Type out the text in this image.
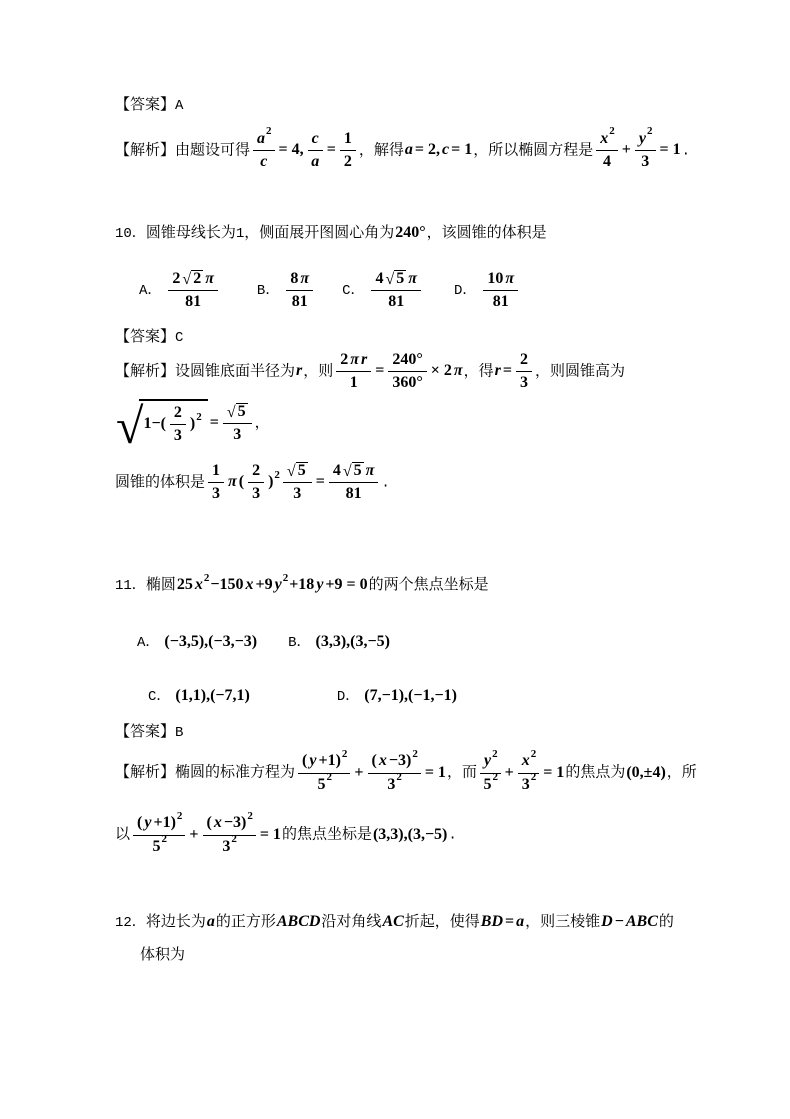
【答案】A
【解析】由题设可得 $\frac{a^2}{c} = 4$, $\frac{c}{a} = \frac{1}{2}$ ，解得a = 2, c = 1，所以椭圆方程是 $\frac{x^2}{4} + \frac{y^2}{3} = 1$.
10．圆锥母线长为1，侧面展开图圆心角为240°，该圆锥的体积是
A． $\frac{2 √ 2 \pi}{81}$	B． $\frac{8 \pi}{81}$ C． $\frac{4 √ 5 \pi}{81}$ D． $\frac{10 \pi}{81}$
【答案】C
【解析】设圆锥底面半径为r，则 $\frac{\text{2 π r}}{1} = \frac{240^\circ}{360^\circ} \times 2$ π，得$r = \frac{2}{3}$ ，则圆锥高为
√ $1-( \frac{2}{3} )^2 = \frac{√ 5}{3}$ ，
圆锥的体积是 $\frac{1}{3}$ π ( $\frac{2}{3} )^2 \frac{√ 5}{3} = \frac{4 √ 5 \pi}{81}$ .
11．椭圆25 $x^2-150$ x +9 $y^2+18$ y +9 = 0的两个焦点坐标是
A． (−3,5),(−3,−3) B． (3,3),(3,−5)
C． (1,1),(−7,1)	D． (7,−1),(−1,−1)
【答案】B
【解析】椭圆的标准方程为 $\frac{( y +1)^2}{5^2} + \frac{( x -3)^2}{3^2} = 1$，而 $\frac{y^2}{5^2} + \frac{x^2}{3^2} = 1$的焦点为(0,±4)，所
以 $\frac{( y +1)^2}{5^2} + \frac{( x -3)^2}{3^2} = 1$的焦点坐标是(3,3),(3,−5).
12．将边长为a的正方形ABCD沿对角线AC折起，使得BD = a，则三棱锥D − ABC的
体积为
